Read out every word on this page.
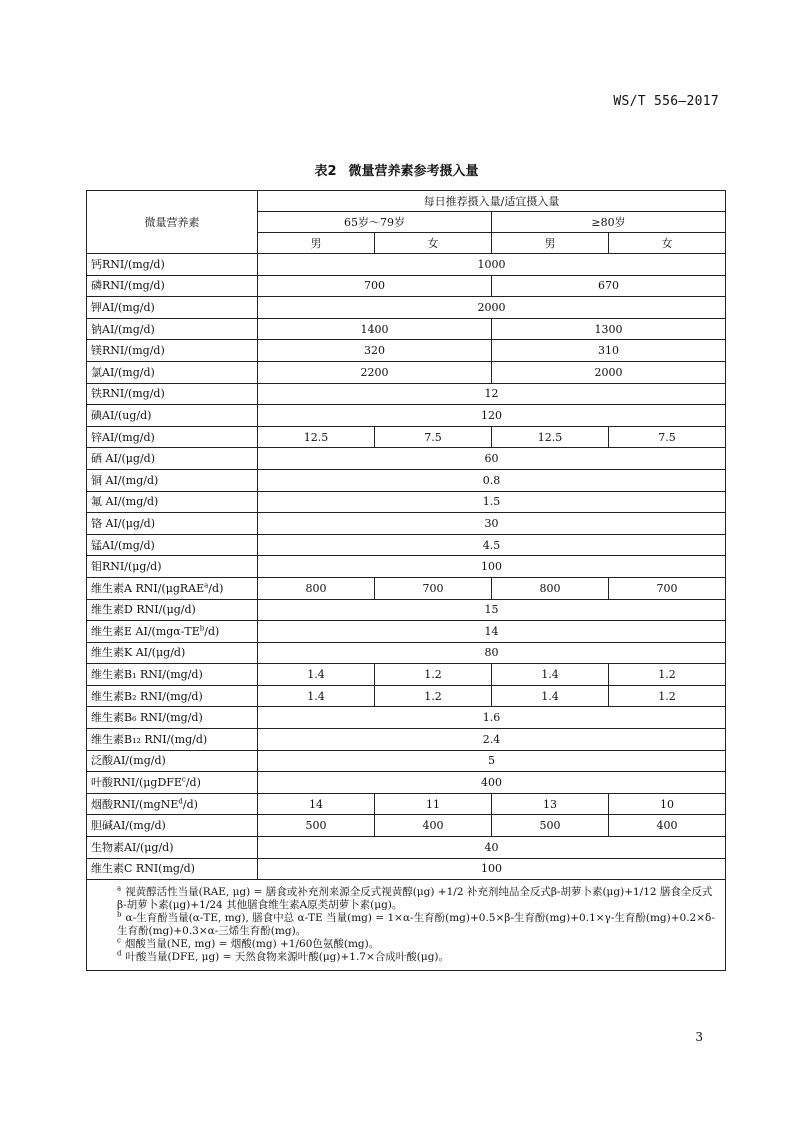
WS/T 556—2017
表2 微量营养素参考摄入量
微量营养素	每日推荐摄入量/适宜摄入量			
	65岁～79岁		≥80岁	
	男	女	男	女
钙RNI/(mg/d)	1000			
磷RNI/(mg/d)	700		670	
钾AI/(mg/d)	2000			
钠AI/(mg/d)	1400		1300	
镁RNI/(mg/d)	320		310	
氯AI/(mg/d)	2200		2000	
铁RNI/(mg/d)	12			
碘AI/(ug/d)	120			
锌AI/(mg/d)	12.5	7.5	12.5	7.5
硒 AI/(μg/d)	60			
铜 AI/(mg/d)	0.8			
氟 AI/(mg/d)	1.5			
铬 AI/(μg/d)	30			
锰AI/(mg/d)	4.5			
钼RNI/(μg/d)	100			
维生素A RNI/(μgRAE$^a$/d)	800	700	800	700
维生素D RNI/(μg/d)	15			
维生素E $AI/(mg\alpha-TE^b/d)$	14			
维生素K AI/(μg/d)	80			
维生素B₁ RNI/(mg/d)	1.4	1.2	1.4	1.2
维生素B₂ RNI/(mg/d)	1.4	1.2	1.4	1.2
维生素B₆ RNI/(mg/d)	1.6			
维生素B₁₂ RNI/(mg/d)	2.4			
泛酸AI/(mg/d)	5			
叶酸RNI/(μgDFE$^c$/d)	400			
烟酸RNI/(mgNE$^d$/d)	14	11	13	10
胆碱AI/(mg/d)	500	400	500	400
生物素AI/(μg/d)	40			
维生素C RNI(mg/d)	100			

$^a$ 视黄醇活性当量(RAE, μg) = 膳食或补充剂来源全反式视黄醇(μg) +1/2 补充剂纯品全反式β-胡萝卜素(μg)+1/12 膳食全反式β-胡萝卜素(μg)+1/24 其他膳食维生素A原类胡萝卜素(μg)。
$^b$ α-生育酚当量(α-TE, mg), 膳食中总 α-TE 当量(mg) = 1×α-生育酚(mg)+0.5×β-生育酚(mg)+0.1×γ-生育酚(mg)+0.2×δ-生育酚(mg)+0.3×α-三烯生育酚(mg)。
$^c$ 烟酸当量(NE, mg) = 烟酸(mg) +1/60色氨酸(mg)。
$^d$ 叶酸当量(DFE, μg) = 天然食物来源叶酸(μg)+1.7×合成叶酸(μg)。				
3
